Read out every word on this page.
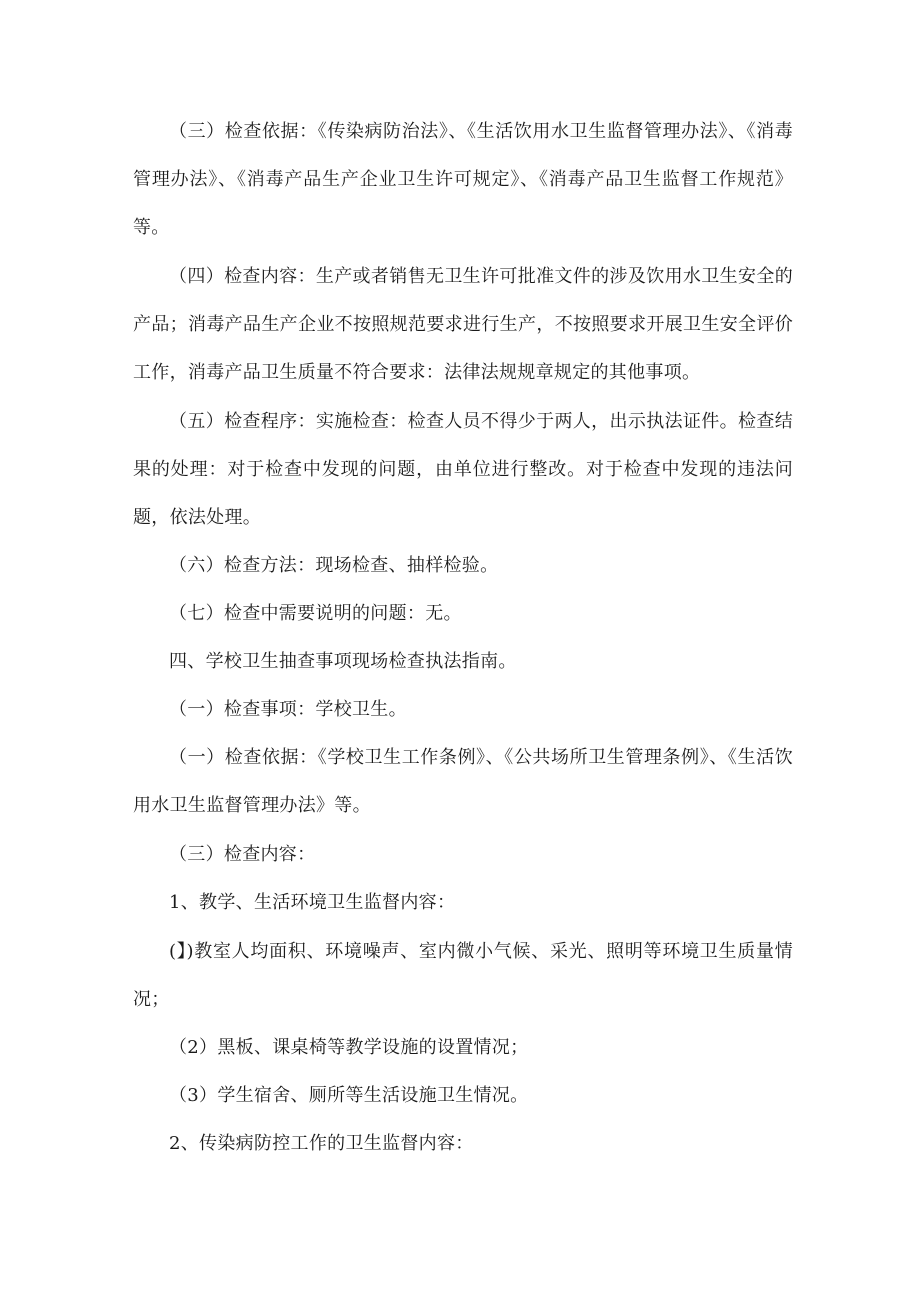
（三）检查依据：《传染病防治法》、《生活饮用水卫生监督管理办法》、《消毒管理办法》、《消毒产品生产企业卫生许可规定》、《消毒产品卫生监督工作规范》等。

（四）检查内容：生产或者销售无卫生许可批准文件的涉及饮用水卫生安全的产品；消毒产品生产企业不按照规范要求进行生产，不按照要求开展卫生安全评价工作，消毒产品卫生质量不符合要求：法律法规规章规定的其他事项。

（五）检查程序：实施检查：检查人员不得少于两人，出示执法证件。检查结果的处理：对于检查中发现的问题，由单位进行整改。对于检查中发现的违法问题，依法处理。

（六）检查方法：现场检查、抽样检验。

（七）检查中需要说明的问题：无。

四、学校卫生抽查事项现场检查执法指南。

（一）检查事项：学校卫生。

（一）检查依据：《学校卫生工作条例》、《公共场所卫生管理条例》、《生活饮用水卫生监督管理办法》等。

（三）检查内容：

1、教学、生活环境卫生监督内容：

(】)教室人均面积、环境噪声、室内微小气候、采光、照明等环境卫生质量情况；

（2）黑板、课桌椅等教学设施的设置情况；

（3）学生宿舍、厕所等生活设施卫生情况。

2、传染病防控工作的卫生监督内容：
